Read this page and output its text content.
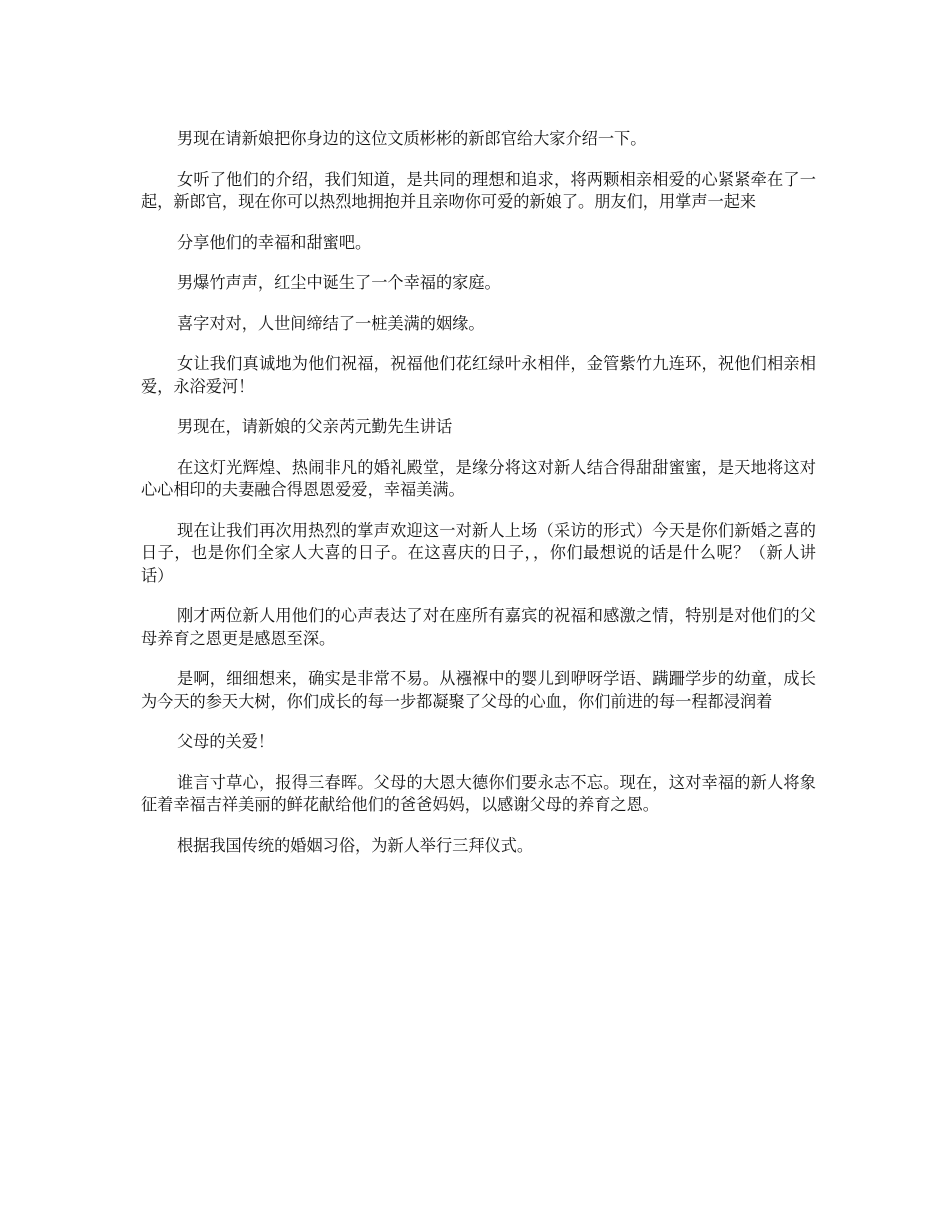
男现在请新娘把你身边的这位文质彬彬的新郎官给大家介绍一下。

女听了他们的介绍，我们知道，是共同的理想和追求，将两颗相亲相爱的心紧紧牵在了一起，新郎官，现在你可以热烈地拥抱并且亲吻你可爱的新娘了。朋友们，用掌声一起来

分享他们的幸福和甜蜜吧。

男爆竹声声，红尘中诞生了一个幸福的家庭。

喜字对对，人世间缔结了一桩美满的姻缘。

女让我们真诚地为他们祝福，祝福他们花红绿叶永相伴，金管紫竹九连环，祝他们相亲相爱，永浴爱河！

男现在，请新娘的父亲芮元勤先生讲话

在这灯光辉煌、热闹非凡的婚礼殿堂，是缘分将这对新人结合得甜甜蜜蜜，是天地将这对心心相印的夫妻融合得恩恩爱爱，幸福美满。

现在让我们再次用热烈的掌声欢迎这一对新人上场（采访的形式）今天是你们新婚之喜的日子，也是你们全家人大喜的日子。在这喜庆的日子，，你们最想说的话是什么呢？（新人讲话）

刚才两位新人用他们的心声表达了对在座所有嘉宾的祝福和感激之情，特别是对他们的父母养育之恩更是感恩至深。

是啊，细细想来，确实是非常不易。从襁褓中的婴儿到咿呀学语、蹒跚学步的幼童，成长为今天的参天大树，你们成长的每一步都凝聚了父母的心血，你们前进的每一程都浸润着

父母的关爱！

谁言寸草心，报得三春晖。父母的大恩大德你们要永志不忘。现在，这对幸福的新人将象征着幸福吉祥美丽的鲜花献给他们的爸爸妈妈，以感谢父母的养育之恩。

根据我国传统的婚姻习俗，为新人举行三拜仪式。
